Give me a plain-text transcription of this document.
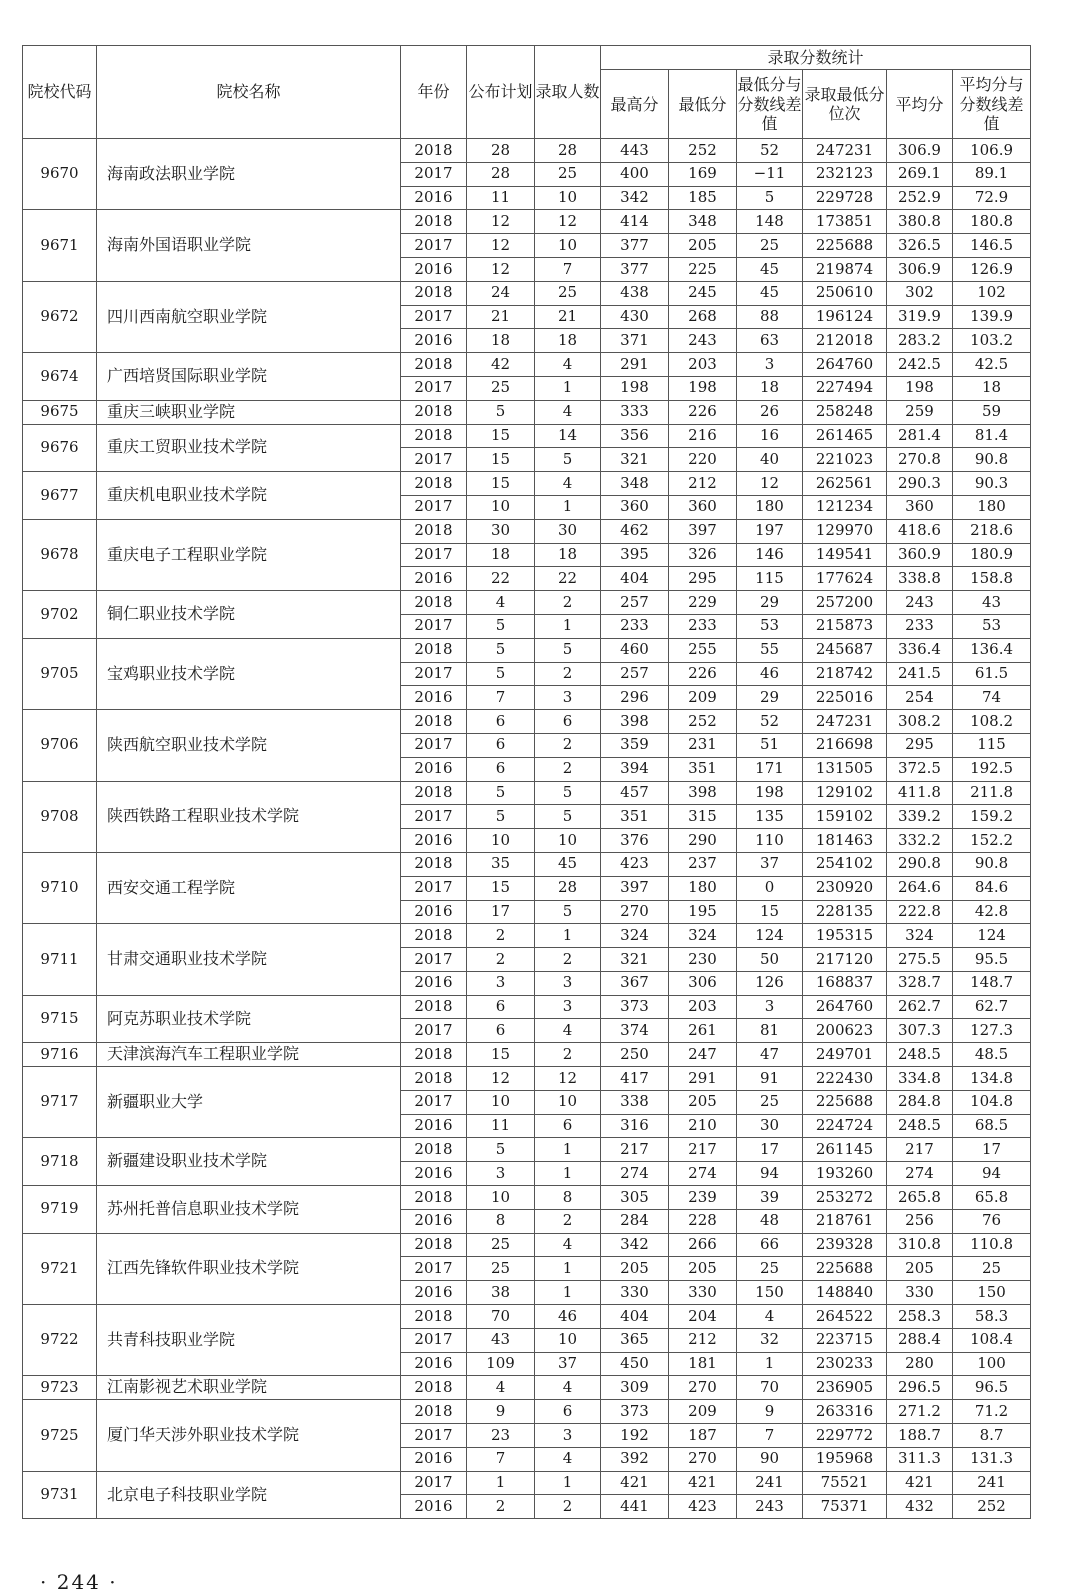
院校代码	院校名称	年份	公布计划	录取人数	录取分数统计					
					最高分	最低分	最低分与分数线差值	录取最低分位次	平均分	平均分与分数线差值
9670	海南政法职业学院	2018	28	28	443	252	52	247231	306.9	106.9
		2017	28	25	400	169	−11	232123	269.1	89.1
		2016	11	10	342	185	5	229728	252.9	72.9
9671	海南外国语职业学院	2018	12	12	414	348	148	173851	380.8	180.8
		2017	12	10	377	205	25	225688	326.5	146.5
		2016	12	7	377	225	45	219874	306.9	126.9
9672	四川西南航空职业学院	2018	24	25	438	245	45	250610	302	102
		2017	21	21	430	268	88	196124	319.9	139.9
		2016	18	18	371	243	63	212018	283.2	103.2
9674	广西培贤国际职业学院	2018	42	4	291	203	3	264760	242.5	42.5
		2017	25	1	198	198	18	227494	198	18
9675	重庆三峡职业学院	2018	5	4	333	226	26	258248	259	59
9676	重庆工贸职业技术学院	2018	15	14	356	216	16	261465	281.4	81.4
		2017	15	5	321	220	40	221023	270.8	90.8
9677	重庆机电职业技术学院	2018	15	4	348	212	12	262561	290.3	90.3
		2017	10	1	360	360	180	121234	360	180
9678	重庆电子工程职业学院	2018	30	30	462	397	197	129970	418.6	218.6
		2017	18	18	395	326	146	149541	360.9	180.9
		2016	22	22	404	295	115	177624	338.8	158.8
9702	铜仁职业技术学院	2018	4	2	257	229	29	257200	243	43
		2017	5	1	233	233	53	215873	233	53
9705	宝鸡职业技术学院	2018	5	5	460	255	55	245687	336.4	136.4
		2017	5	2	257	226	46	218742	241.5	61.5
		2016	7	3	296	209	29	225016	254	74
9706	陕西航空职业技术学院	2018	6	6	398	252	52	247231	308.2	108.2
		2017	6	2	359	231	51	216698	295	115
		2016	6	2	394	351	171	131505	372.5	192.5
9708	陕西铁路工程职业技术学院	2018	5	5	457	398	198	129102	411.8	211.8
		2017	5	5	351	315	135	159102	339.2	159.2
		2016	10	10	376	290	110	181463	332.2	152.2
9710	西安交通工程学院	2018	35	45	423	237	37	254102	290.8	90.8
		2017	15	28	397	180	0	230920	264.6	84.6
		2016	17	5	270	195	15	228135	222.8	42.8
9711	甘肃交通职业技术学院	2018	2	1	324	324	124	195315	324	124
		2017	2	2	321	230	50	217120	275.5	95.5
		2016	3	3	367	306	126	168837	328.7	148.7
9715	阿克苏职业技术学院	2018	6	3	373	203	3	264760	262.7	62.7
		2017	6	4	374	261	81	200623	307.3	127.3
9716	天津滨海汽车工程职业学院	2018	15	2	250	247	47	249701	248.5	48.5
9717	新疆职业大学	2018	12	12	417	291	91	222430	334.8	134.8
		2017	10	10	338	205	25	225688	284.8	104.8
		2016	11	6	316	210	30	224724	248.5	68.5
9718	新疆建设职业技术学院	2018	5	1	217	217	17	261145	217	17
		2016	3	1	274	274	94	193260	274	94
9719	苏州托普信息职业技术学院	2018	10	8	305	239	39	253272	265.8	65.8
		2016	8	2	284	228	48	218761	256	76
9721	江西先锋软件职业技术学院	2018	25	4	342	266	66	239328	310.8	110.8
		2017	25	1	205	205	25	225688	205	25
		2016	38	1	330	330	150	148840	330	150
9722	共青科技职业学院	2018	70	46	404	204	4	264522	258.3	58.3
		2017	43	10	365	212	32	223715	288.4	108.4
		2016	109	37	450	181	1	230233	280	100
9723	江南影视艺术职业学院	2018	4	4	309	270	70	236905	296.5	96.5
9725	厦门华天涉外职业技术学院	2018	9	6	373	209	9	263316	271.2	71.2
		2017	23	3	192	187	7	229772	188.7	8.7
		2016	7	4	392	270	90	195968	311.3	131.3
9731	北京电子科技职业学院	2017	1	1	421	421	241	75521	421	241
		2016	2	2	441	423	243	75371	432	252
· 244 ·
